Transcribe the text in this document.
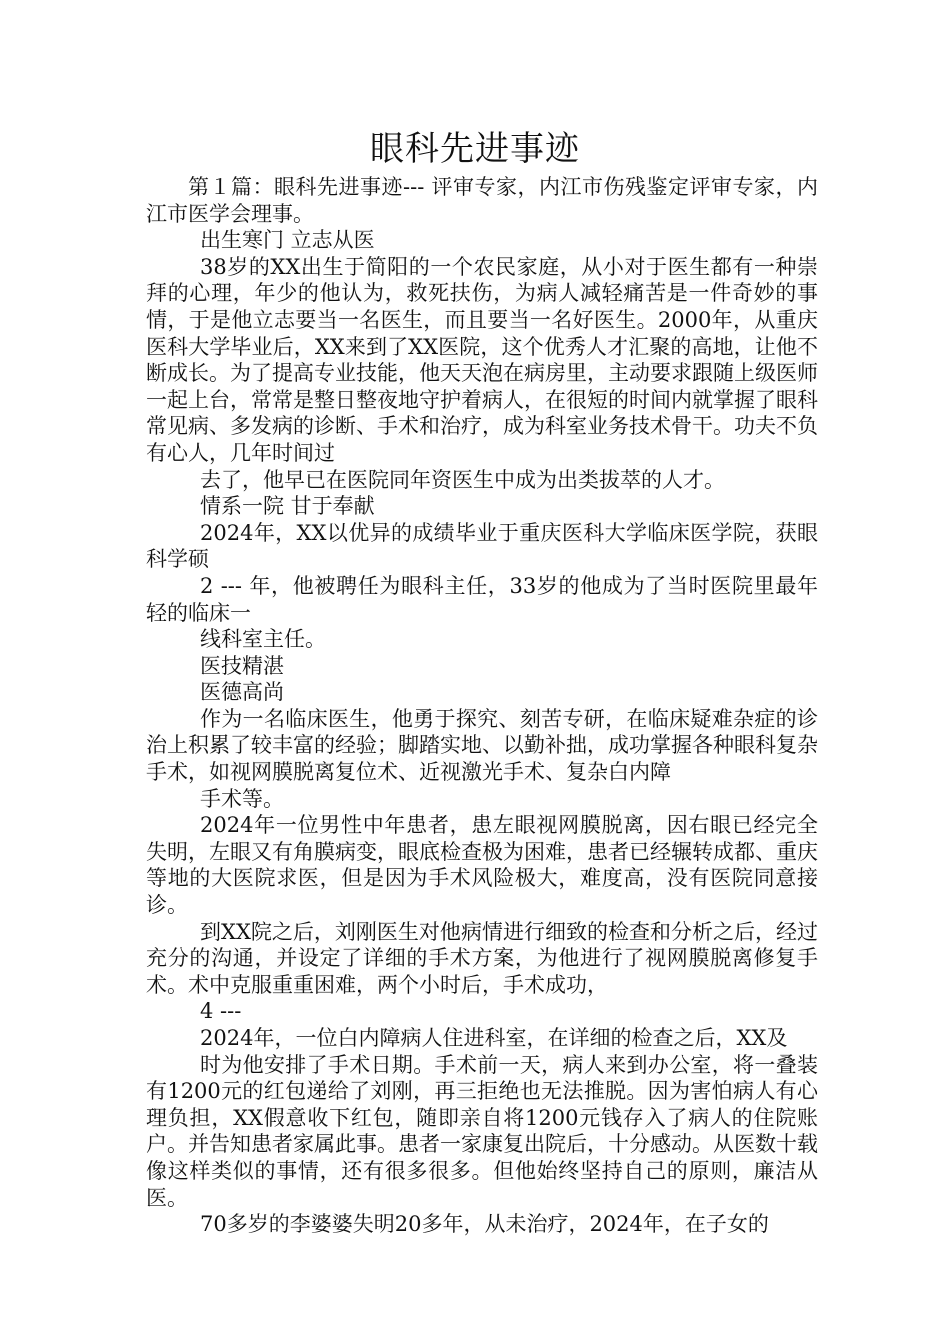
眼科先进事迹

第１篇：眼科先进事迹--- 评审专家，内江市伤残鉴定评审专家，内江市医学会理事。

出生寒门 立志从医

38岁的XX出生于简阳的一个农民家庭，从小对于医生都有一种崇拜的心理，年少的他认为，救死扶伤，为病人减轻痛苦是一件奇妙的事情，于是他立志要当一名医生，而且要当一名好医生。2000年，从重庆医科大学毕业后，XX来到了XX医院，这个优秀人才汇聚的高地，让他不断成长。为了提高专业技能，他天天泡在病房里，主动要求跟随上级医师一起上台，常常是整日整夜地守护着病人，在很短的时间内就掌握了眼科常见病、多发病的诊断、手术和治疗，成为科室业务技术骨干。功夫不负有心人，几年时间过

去了，他早已在医院同年资医生中成为出类拔萃的人才。

情系一院 甘于奉献

2024年，XX以优异的成绩毕业于重庆医科大学临床医学院，获眼科学硕

2 --- 年，他被聘任为眼科主任，33岁的他成为了当时医院里最年轻的临床一

线科室主任。

医技精湛

医德高尚

作为一名临床医生，他勇于探究、刻苦专研，在临床疑难杂症的诊治上积累了较丰富的经验；脚踏实地、以勤补拙，成功掌握各种眼科复杂手术，如视网膜脱离复位术、近视激光手术、复杂白内障

手术等。

2024年一位男性中年患者，患左眼视网膜脱离，因右眼已经完全失明，左眼又有角膜病变，眼底检查极为困难，患者已经辗转成都、重庆等地的大医院求医，但是因为手术风险极大，难度高，没有医院同意接诊。

到XX院之后，刘刚医生对他病情进行细致的检查和分析之后，经过充分的沟通，并设定了详细的手术方案，为他进行了视网膜脱离修复手术。术中克服重重困难，两个小时后，手术成功，

4 ---

2024年，一位白内障病人住进科室，在详细的检查之后，XX及

时为他安排了手术日期。手术前一天，病人来到办公室，将一叠装有1200元的红包递给了刘刚，再三拒绝也无法推脱。因为害怕病人有心理负担，XX假意收下红包，随即亲自将1200元钱存入了病人的住院账户。并告知患者家属此事。患者一家康复出院后，十分感动。从医数十载像这样类似的事情，还有很多很多。但他始终坚持自己的原则，廉洁从医。

70多岁的李婆婆失明20多年，从未治疗，2024年，在子女的
